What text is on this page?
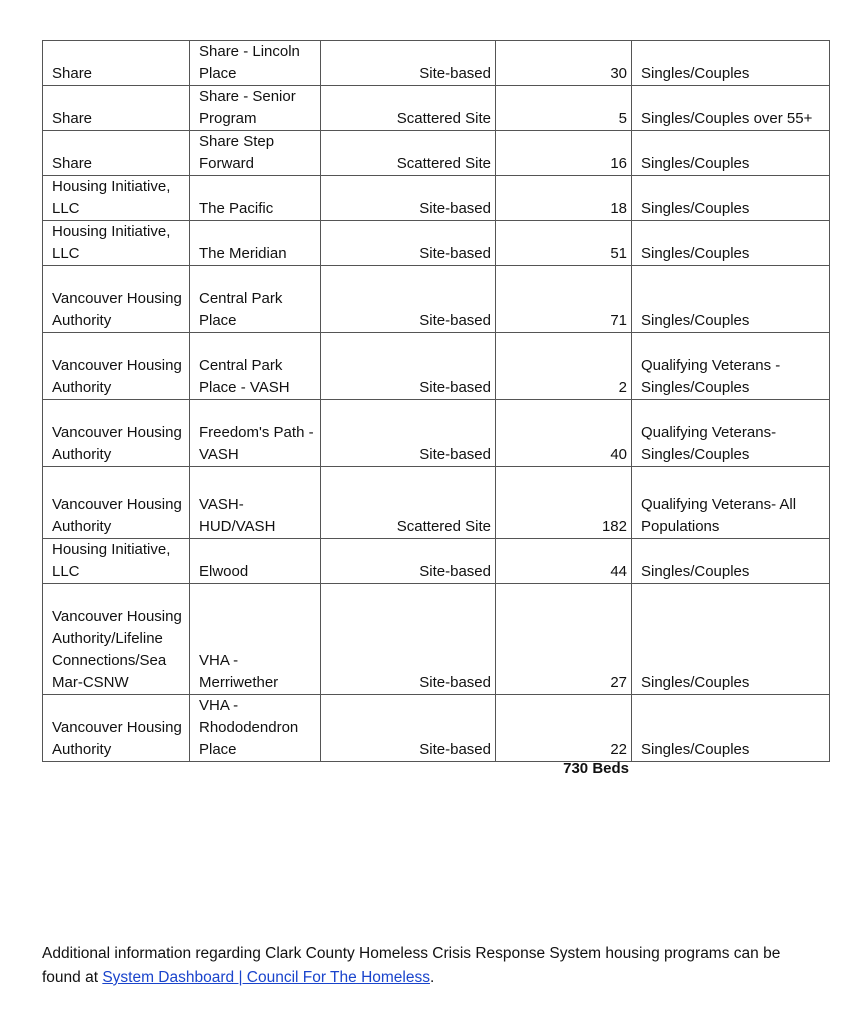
Share	Share - Lincoln Place	Site-based	30	Singles/Couples
Share	Share - Senior Program	Scattered Site	5	Singles/Couples over 55+
Share	Share Step Forward	Scattered Site	16	Singles/Couples
Housing Initiative, LLC	The Pacific	Site-based	18	Singles/Couples
Housing Initiative, LLC	The Meridian	Site-based	51	Singles/Couples
Vancouver Housing Authority	Central Park Place	Site-based	71	Singles/Couples
Vancouver Housing Authority	Central Park Place - VASH	Site-based	2	Qualifying Veterans - Singles/Couples
Vancouver Housing Authority	Freedom's Path - VASH	Site-based	40	Qualifying Veterans- Singles/Couples
Vancouver Housing Authority	VASH- HUD/VASH	Scattered Site	182	Qualifying Veterans- All Populations
Housing Initiative, LLC	Elwood	Site-based	44	Singles/Couples
Vancouver Housing Authority/Lifeline Connections/Sea Mar-CSNW	VHA - Merriwether	Site-based	27	Singles/Couples
Vancouver Housing Authority	VHA - Rhododendron Place	Site-based	22	Singles/Couples
730 Beds
Additional information regarding Clark County Homeless Crisis Response System housing programs can be found at System Dashboard | Council For The Homeless.
